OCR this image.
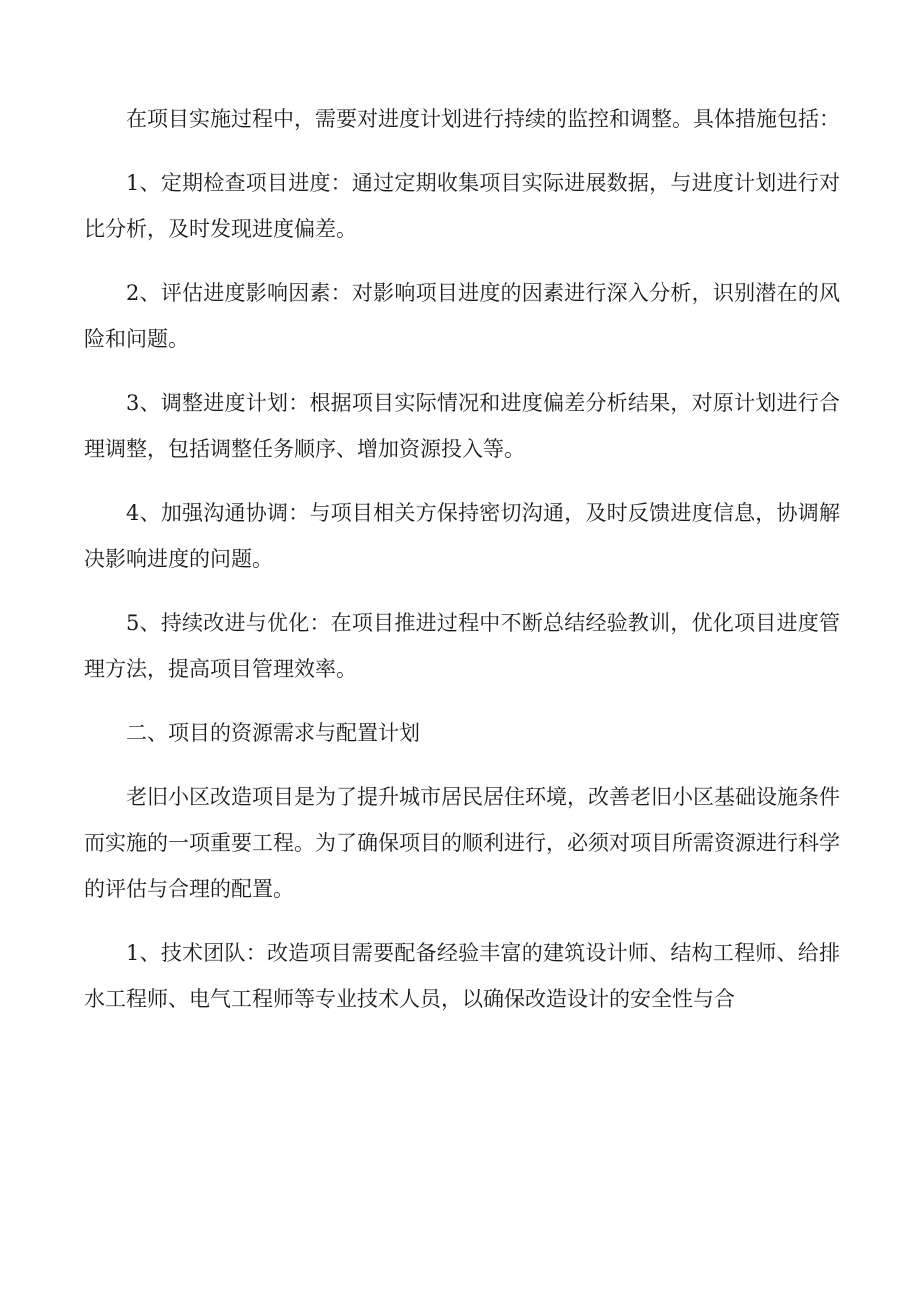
在项目实施过程中，需要对进度计划进行持续的监控和调整。具体措施包括：

1、定期检查项目进度：通过定期收集项目实际进展数据，与进度计划进行对比分析，及时发现进度偏差。

2、评估进度影响因素：对影响项目进度的因素进行深入分析，识别潜在的风险和问题。

3、调整进度计划：根据项目实际情况和进度偏差分析结果，对原计划进行合理调整，包括调整任务顺序、增加资源投入等。

4、加强沟通协调：与项目相关方保持密切沟通，及时反馈进度信息，协调解决影响进度的问题。

5、持续改进与优化：在项目推进过程中不断总结经验教训，优化项目进度管理方法，提高项目管理效率。

二、项目的资源需求与配置计划

老旧小区改造项目是为了提升城市居民居住环境，改善老旧小区基础设施条件而实施的一项重要工程。为了确保项目的顺利进行，必须对项目所需资源进行科学的评估与合理的配置。

1、技术团队：改造项目需要配备经验丰富的建筑设计师、结构工程师、给排水工程师、电气工程师等专业技术人员，以确保改造设计的安全性与合
